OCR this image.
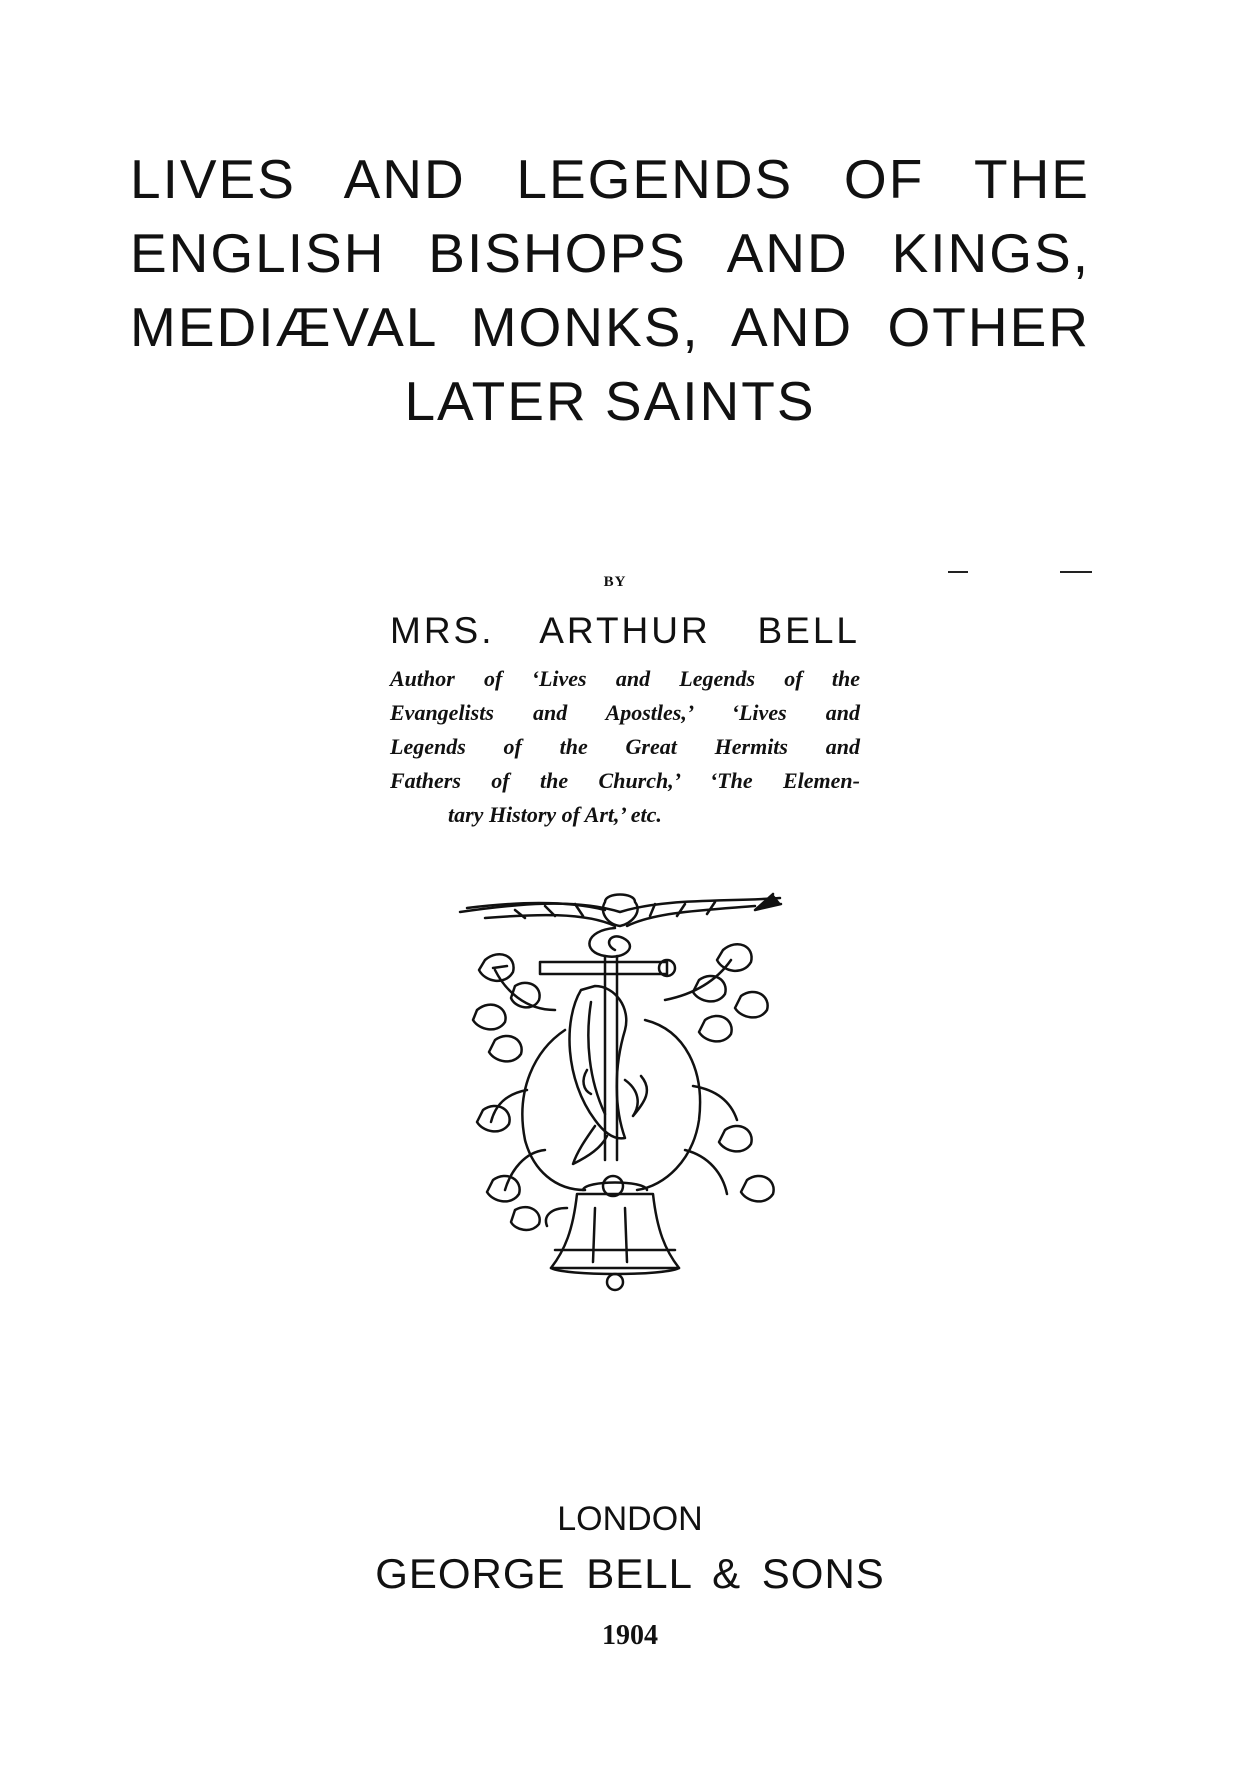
LIVES AND LEGENDS OF THE
ENGLISH BISHOPS AND KINGS,
MEDIÆVAL MONKS, AND OTHER
LATER SAINTS
BY
MRS. ARTHUR BELL
Author of ‘Lives and Legends of the
Evangelists and Apostles,’ ‘Lives and
Legends of the Great Hermits and
Fathers of the Church,’ ‘The Elemen-
tary History of Art,’ etc.
LONDON
GEORGE BELL & SONS
1904
